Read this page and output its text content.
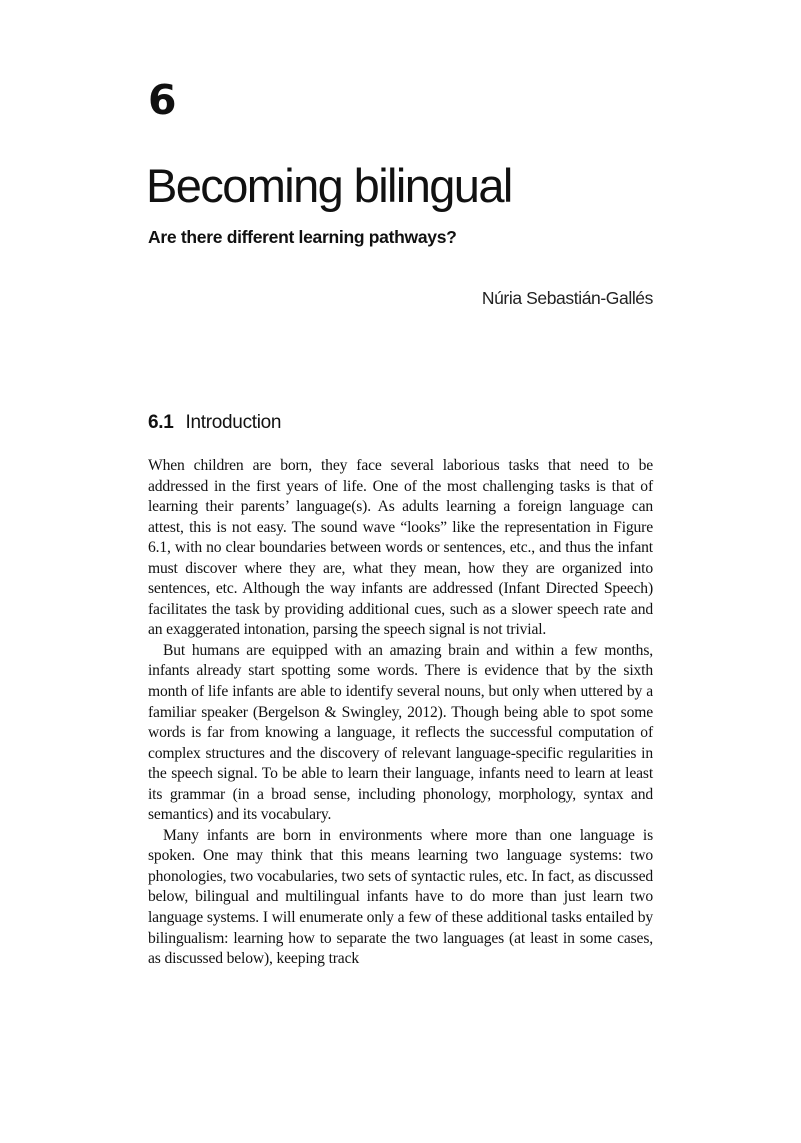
6
Becoming bilingual
Are there different learning pathways?
Núria Sebastián-Gallés
6.1 Introduction

When children are born, they face several laborious tasks that need to be addressed in the first years of life. One of the most challenging tasks is that of learning their parents’ language(s). As adults learning a foreign language can attest, this is not easy. The sound wave “looks” like the representation in Figure 6.1, with no clear boundaries between words or sentences, etc., and thus the infant must discover where they are, what they mean, how they are organized into sentences, etc. Although the way infants are addressed (Infant Directed Speech) facilitates the task by providing additional cues, such as a slower speech rate and an exaggerated intonation, parsing the speech signal is not trivial.

But humans are equipped with an amazing brain and within a few months, infants already start spotting some words. There is evidence that by the sixth month of life infants are able to identify several nouns, but only when uttered by a familiar speaker (Bergelson & Swingley, 2012). Though being able to spot some words is far from knowing a language, it reflects the successful computation of complex structures and the discovery of relevant language-specific regularities in the speech signal. To be able to learn their language, infants need to learn at least its grammar (in a broad sense, including phonology, morphology, syntax and semantics) and its vocabulary.

Many infants are born in environments where more than one language is spoken. One may think that this means learning two language systems: two phonologies, two vocabularies, two sets of syntactic rules, etc. In fact, as discussed below, bilingual and multilingual infants have to do more than just learn two language systems. I will enumerate only a few of these additional tasks entailed by bilingualism: learning how to separate the two languages (at least in some cases, as discussed below), keeping track
